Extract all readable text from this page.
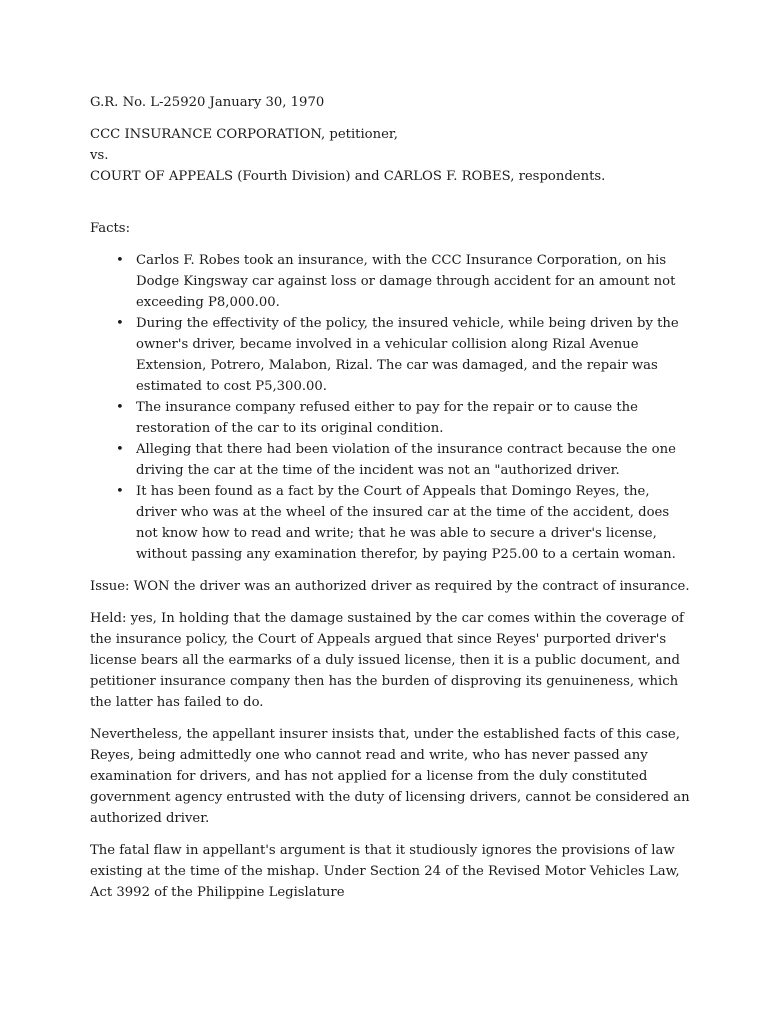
G.R. No. L-25920 January 30, 1970

CCC INSURANCE CORPORATION, petitioner,

vs.

COURT OF APPEALS (Fourth Division) and CARLOS F. ROBES, respondents.

Facts:

• Carlos F. Robes took an insurance, with the CCC Insurance Corporation, on his Dodge Kingsway car against loss or damage through accident for an amount not exceeding P8,000.00.
• During the effectivity of the policy, the insured vehicle, while being driven by the owner's driver, became involved in a vehicular collision along Rizal Avenue Extension, Potrero, Malabon, Rizal. The car was damaged, and the repair was estimated to cost P5,300.00.
• The insurance company refused either to pay for the repair or to cause the restoration of the car to its original condition.
• Alleging that there had been violation of the insurance contract because the one driving the car at the time of the incident was not an "authorized driver.
• It has been found as a fact by the Court of Appeals that Domingo Reyes, the, driver who was at the wheel of the insured car at the time of the accident, does not know how to read and write; that he was able to secure a driver's license, without passing any examination therefor, by paying P25.00 to a certain woman.

Issue: WON the driver was an authorized driver as required by the contract of insurance.

Held: yes, In holding that the damage sustained by the car comes within the coverage of the insurance policy, the Court of Appeals argued that since Reyes' purported driver's license bears all the earmarks of a duly issued license, then it is a public document, and petitioner insurance company then has the burden of disproving its genuineness, which the latter has failed to do.

Nevertheless, the appellant insurer insists that, under the established facts of this case, Reyes, being admittedly one who cannot read and write, who has never passed any examination for drivers, and has not applied for a license from the duly constituted government agency entrusted with the duty of licensing drivers, cannot be considered an authorized driver.

The fatal flaw in appellant's argument is that it studiously ignores the provisions of law existing at the time of the mishap. Under Section 24 of the Revised Motor Vehicles Law, Act 3992 of the Philippine Legislature
